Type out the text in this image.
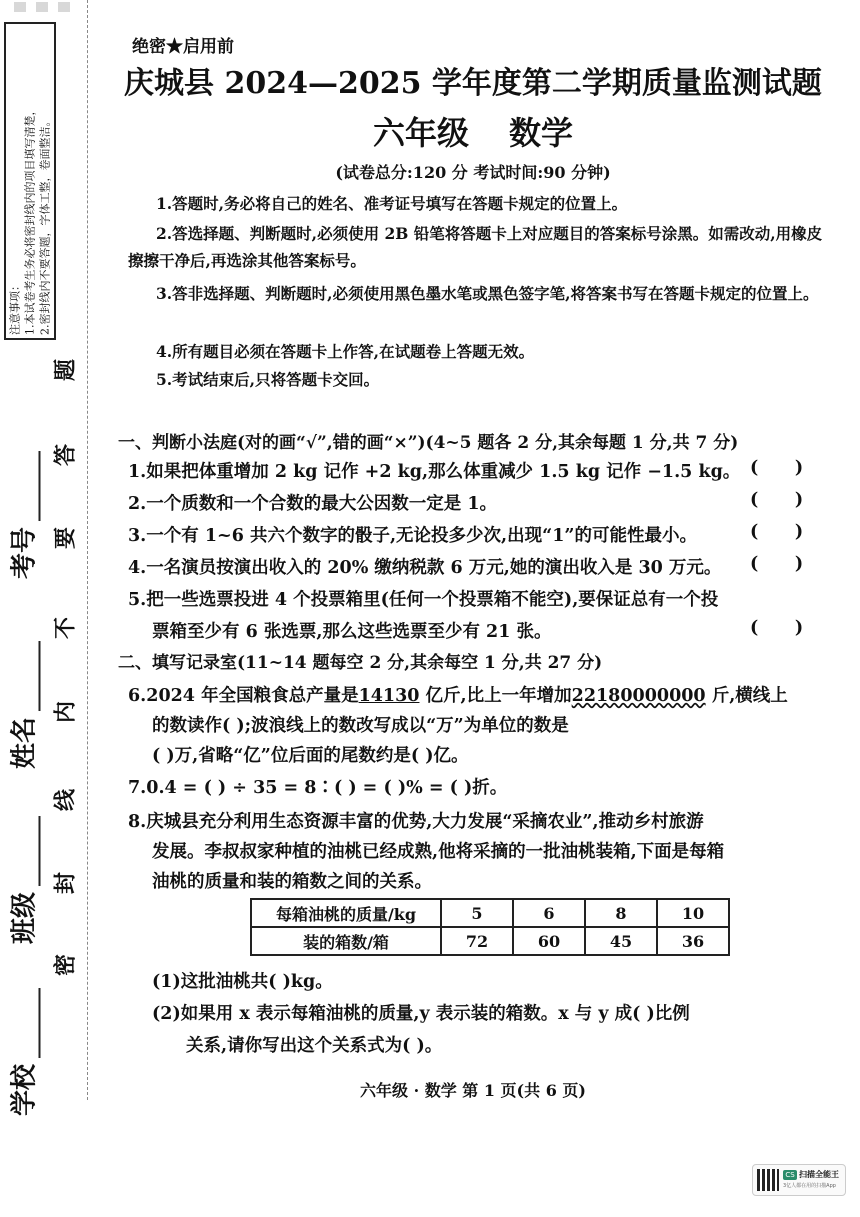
注意事项： 1.本试卷考生务必将密封线内的项目填写清楚， 2.密封线内不要答题，字体工整，卷面整洁。
考号
姓名
班级
学校
密
封
线
内
不
要
答
题
绝密★启用前
庆城县 2024—2025 学年度第二学期质量监测试题
六年级 数学
(试卷总分:120 分 考试时间:90 分钟)
1.答题时,务必将自己的姓名、准考证号填写在答题卡规定的位置上。
2.答选择题、判断题时,必须使用 2B 铅笔将答题卡上对应题目的答案标号涂黑。如需改动,用橡皮擦擦干净后,再选涂其他答案标号。
3.答非选择题、判断题时,必须使用黑色墨水笔或黑色签字笔,将答案书写在答题卡规定的位置上。
4.所有题目必须在答题卡上作答,在试题卷上答题无效。
5.考试结束后,只将答题卡交回。
一、判断小法庭(对的画“√”,错的画“×”)(4~5 题各 2 分,其余每题 1 分,共 7 分)
1.如果把体重增加 2 kg 记作 +2 kg,那么体重减少 1.5 kg 记作 −1.5 kg。 (      )
2.一个质数和一个合数的最大公因数一定是 1。	(      )
3.一个有 1~6 共六个数字的骰子,无论投多少次,出现“1”的可能性最小。	(      )
4.一名演员按演出收入的 20% 缴纳税款 6 万元,她的演出收入是 30 万元。 (      )
5.把一些选票投进 4 个投票箱里(任何一个投票箱不能空),要保证总有一个投
票箱至少有 6 张选票,那么这些选票至少有 21 张。	(      )
二、填写记录室(11~14 题每空 2 分,其余每空 1 分,共 27 分)
6.2024 年全国粮食总产量是14130 亿斤,比上一年增加22180000000 斤,横线上
的数读作( );波浪线上的数改写成以“万”为单位的数是
( )万,省略“亿”位后面的尾数约是( )亿。
7.0.4 = ( ) ÷ 35 = 8∶( ) = ( )% = ( )折。
8.庆城县充分利用生态资源丰富的优势,大力发展“采摘农业”,推动乡村旅游
发展。李叔叔家种植的油桃已经成熟,他将采摘的一批油桃装箱,下面是每箱
油桃的质量和装的箱数之间的关系。
每箱油桃的质量/kg	5	6	8	10
装的箱数/箱	72	60	45	36
(1)这批油桃共( )kg。
(2)如果用 x 表示每箱油桃的质量,y 表示装的箱数。x 与 y 成( )比例
关系,请你写出这个关系式为( )。
六年级 · 数学 第 1 页(共 6 页)
CS 扫描全能王
3亿人都在用的扫描App
